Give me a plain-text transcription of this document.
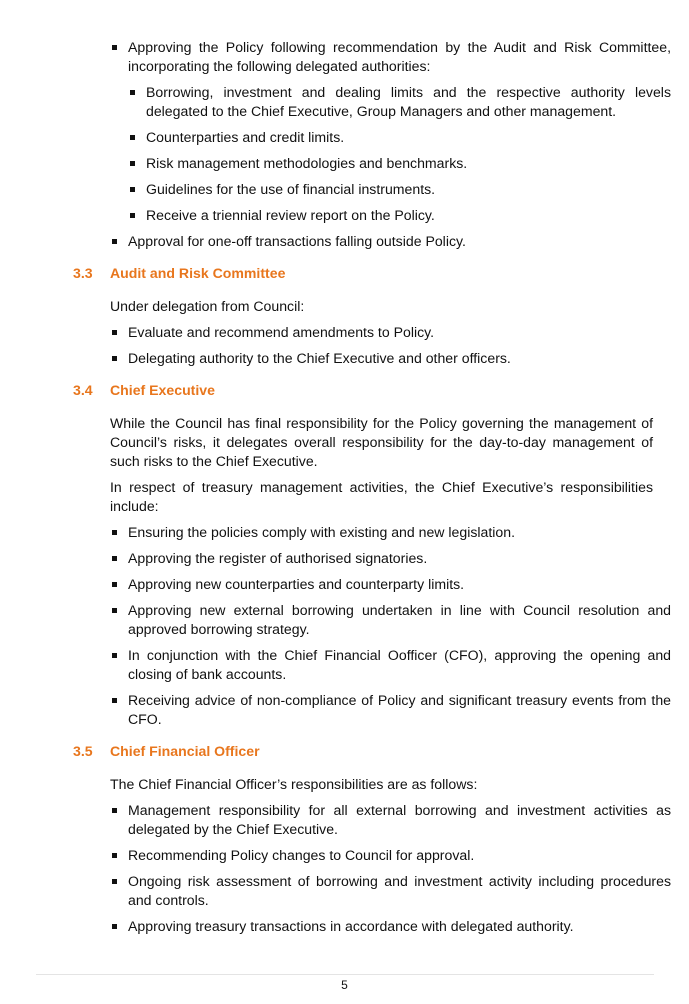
Approving the Policy following recommendation by the Audit and Risk Committee, incorporating the following delegated authorities:
Borrowing, investment and dealing limits and the respective authority levels delegated to the Chief Executive, Group Managers and other management.
Counterparties and credit limits.
Risk management methodologies and benchmarks.
Guidelines for the use of financial instruments.
Receive a triennial review report on the Policy.
Approval for one-off transactions falling outside Policy.
3.3 Audit and Risk Committee

Under delegation from Council:

Evaluate and recommend amendments to Policy.
Delegating authority to the Chief Executive and other officers.
3.4 Chief Executive

While the Council has final responsibility for the Policy governing the management of Council’s risks, it delegates overall responsibility for the day-to-day management of such risks to the Chief Executive.

In respect of treasury management activities, the Chief Executive’s responsibilities include:

Ensuring the policies comply with existing and new legislation.
Approving the register of authorised signatories.
Approving new counterparties and counterparty limits.
Approving new external borrowing undertaken in line with Council resolution and approved borrowing strategy.
In conjunction with the Chief Financial Oofficer (CFO), approving the opening and closing of bank accounts.
Receiving advice of non-compliance of Policy and significant treasury events from the CFO.
3.5 Chief Financial Officer

The Chief Financial Officer’s responsibilities are as follows:

Management responsibility for all external borrowing and investment activities as delegated by the Chief Executive.
Recommending Policy changes to Council for approval.
Ongoing risk assessment of borrowing and investment activity including procedures and controls.
Approving treasury transactions in accordance with delegated authority.
5
